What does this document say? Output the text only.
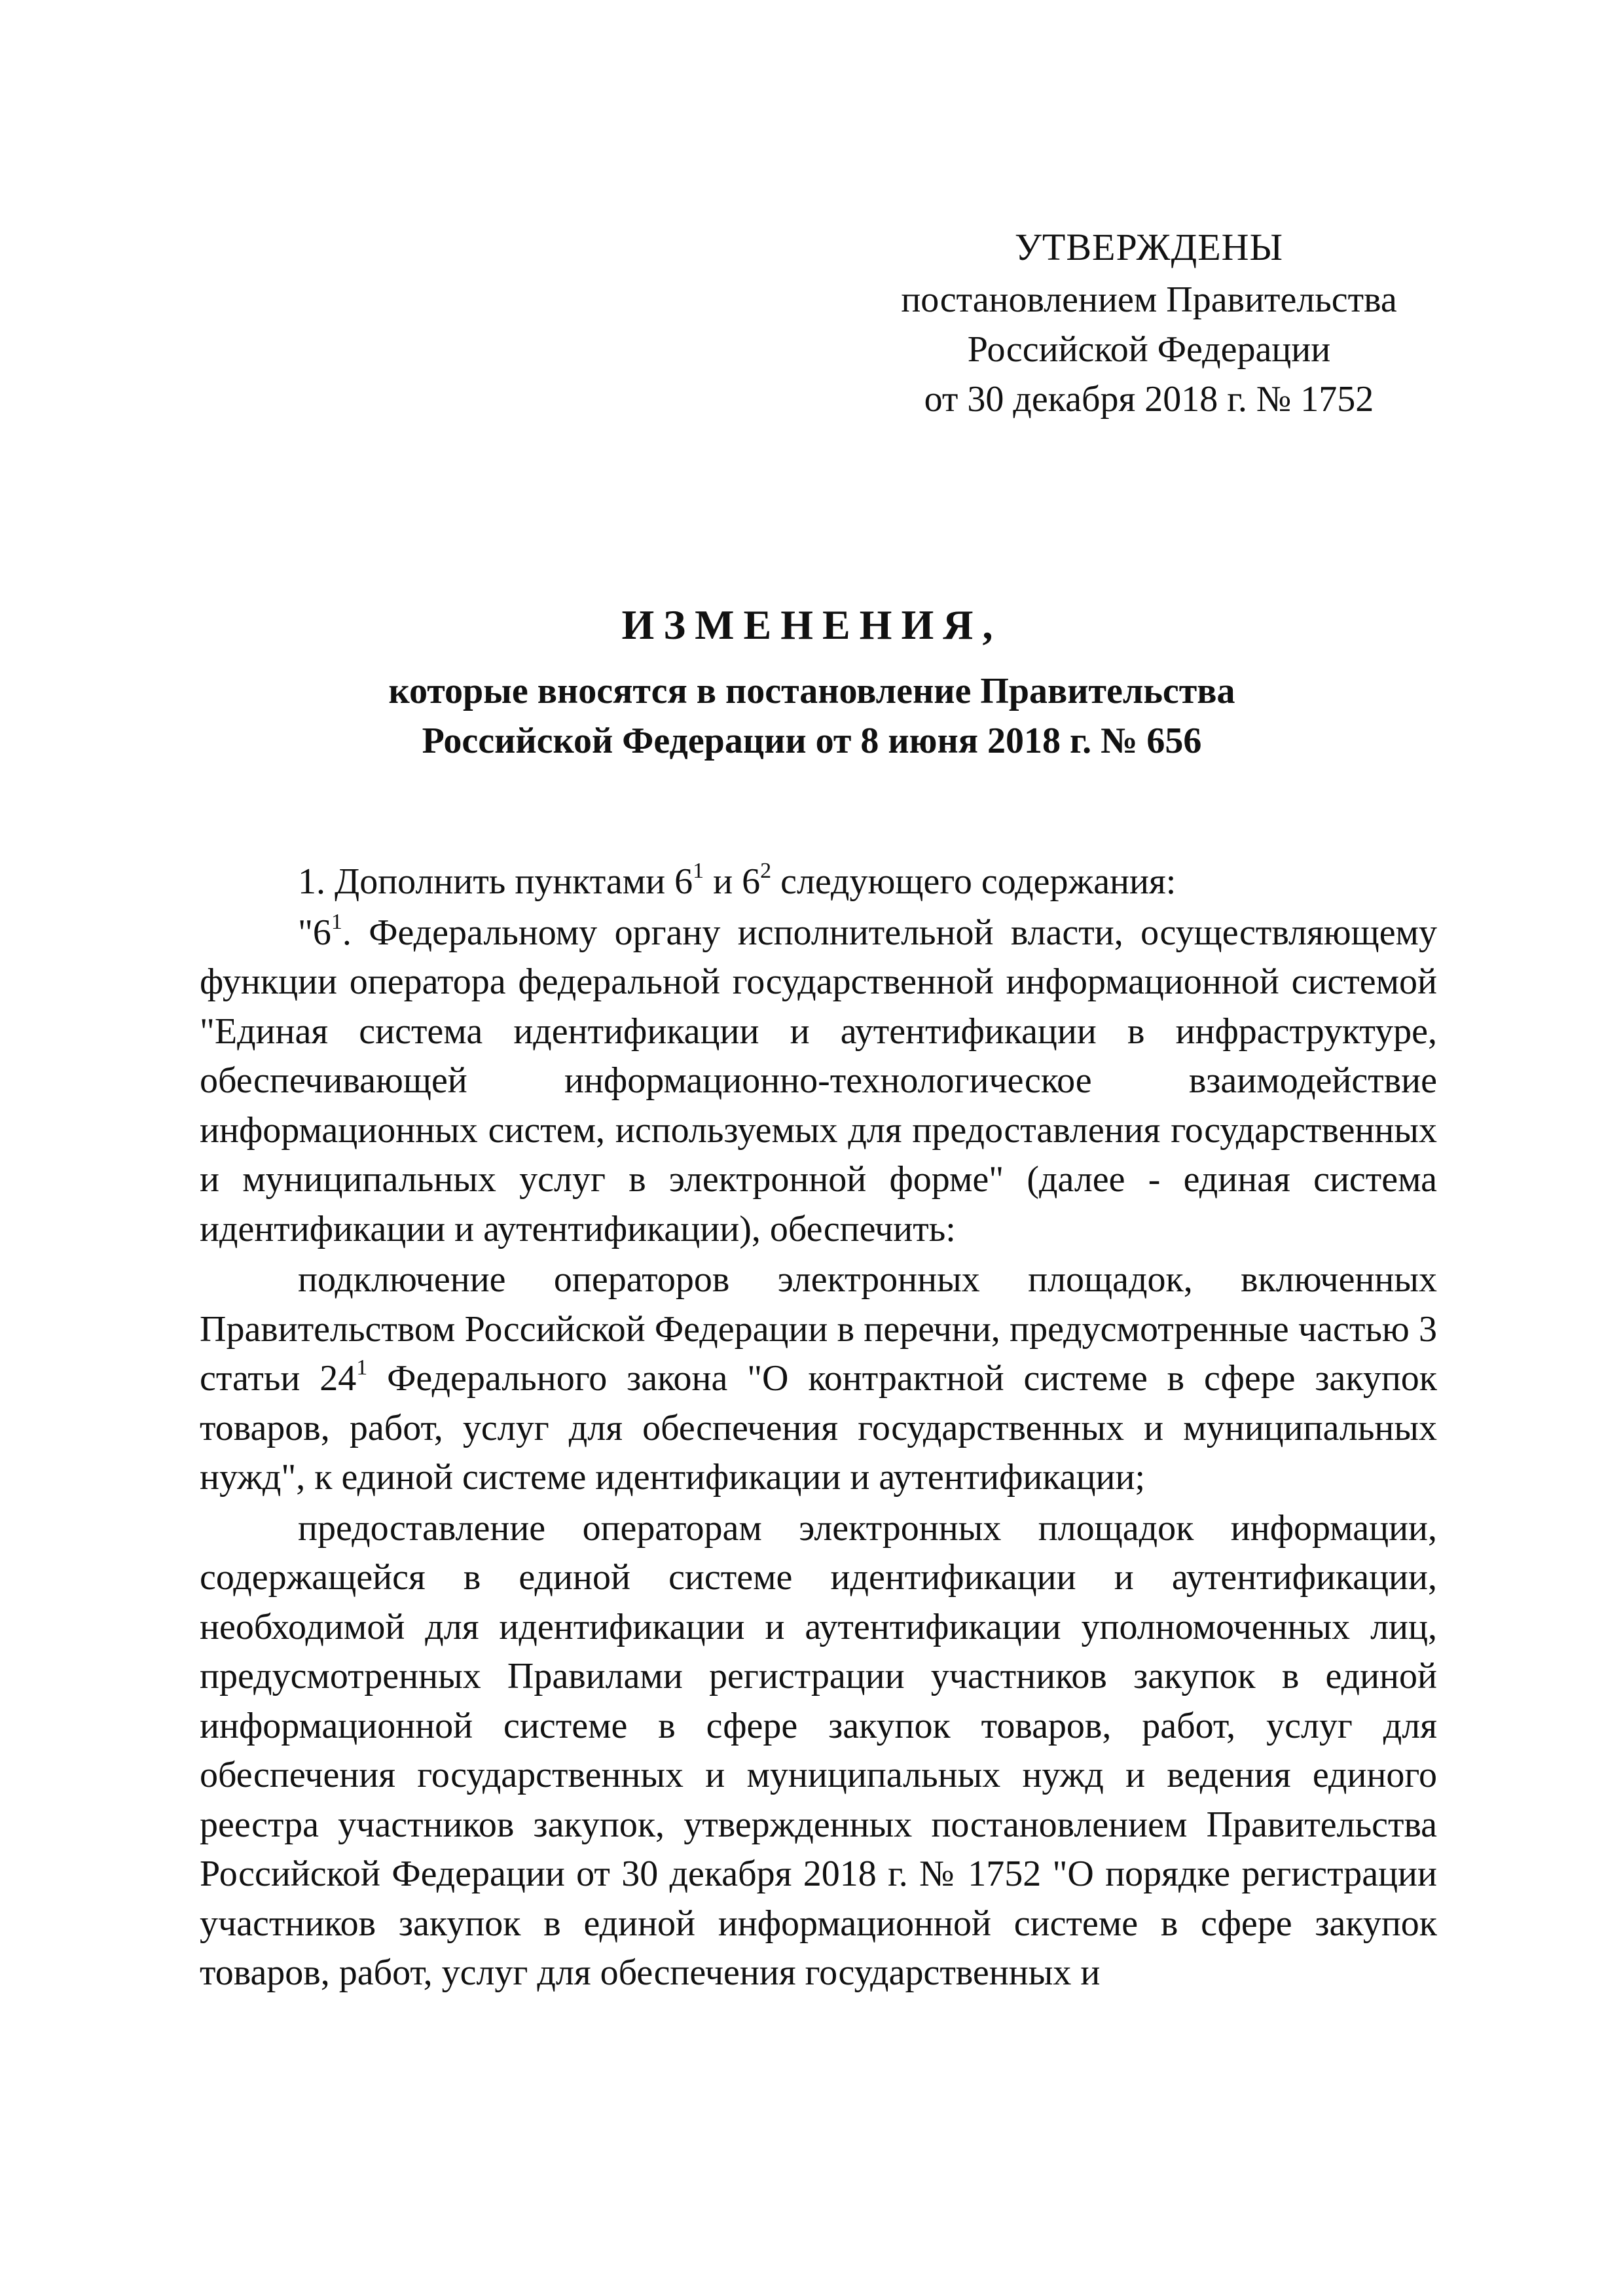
УТВЕРЖДЕНЫ
постановлением Правительства
Российской Федерации
от 30 декабря 2018 г. № 1752
ИЗМЕНЕНИЯ,
которые вносятся в постановление Правительства
Российской Федерации от 8 июня 2018 г. № 656

1. Дополнить пунктами $6^1$ и $6^2$ следующего содержания:

"$6^1$. Федеральному органу исполнительной власти, осуществляющему функции оператора федеральной государственной информационной системой "Единая система идентификации и аутентификации в инфраструктуре, обеспечивающей информационно-технологическое взаимодействие информационных систем, используемых для предоставления государственных и муниципальных услуг в электронной форме" (далее - единая система идентификации и аутентификации), обеспечить:

подключение операторов электронных площадок, включенных Правительством Российской Федерации в перечни, предусмотренные частью 3 статьи $24^1$ Федерального закона "О контрактной системе в сфере закупок товаров, работ, услуг для обеспечения государственных и муниципальных нужд", к единой системе идентификации и аутентификации;

предоставление операторам электронных площадок информации, содержащейся в единой системе идентификации и аутентификации, необходимой для идентификации и аутентификации уполномоченных лиц, предусмотренных Правилами регистрации участников закупок в единой информационной системе в сфере закупок товаров, работ, услуг для обеспечения государственных и муниципальных нужд и ведения единого реестра участников закупок, утвержденных постановлением Правительства Российской Федерации от 30 декабря 2018 г. № 1752 "О порядке регистрации участников закупок в единой информационной системе в сфере закупок товаров, работ, услуг для обеспечения государственных и
